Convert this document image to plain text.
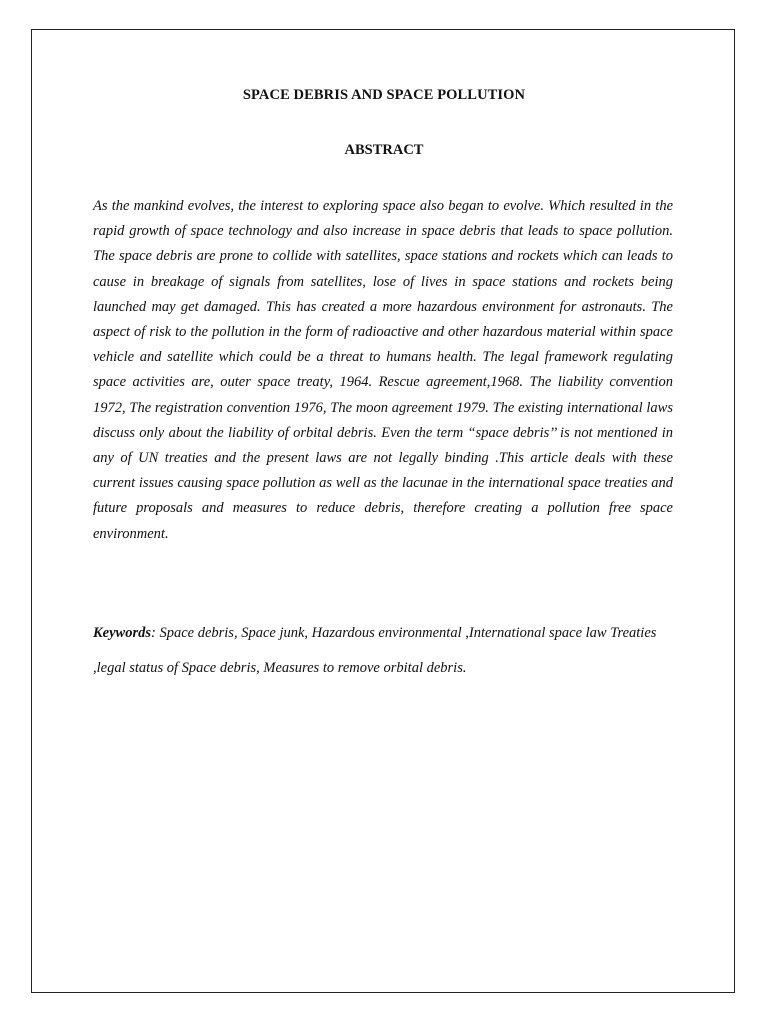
SPACE DEBRIS AND SPACE POLLUTION
ABSTRACT

As the mankind evolves, the interest to exploring space also began to evolve. Which resulted in the rapid growth of space technology and also increase in space debris that leads to space pollution. The space debris are prone to collide with satellites, space stations and rockets which can leads to cause in breakage of signals from satellites, lose of lives in space stations and rockets being launched may get damaged. This has created a more hazardous environment for astronauts. The aspect of risk to the pollution in the form of radioactive and other hazardous material within space vehicle and satellite which could be a threat to humans health. The legal framework regulating space activities are, outer space treaty, 1964. Rescue agreement,1968. The liability convention 1972, The registration convention 1976, The moon agreement 1979. The existing international laws discuss only about the liability of orbital debris. Even the term “space debris’’ is not mentioned in any of UN treaties and the present laws are not legally binding .This article deals with these current issues causing space pollution as well as the lacunae in the international space treaties and future proposals and measures to reduce debris, therefore creating a pollution free space environment.

Keywords: Space debris, Space junk, Hazardous environmental ,International space law Treaties ,legal status of Space debris, Measures to remove orbital debris.
